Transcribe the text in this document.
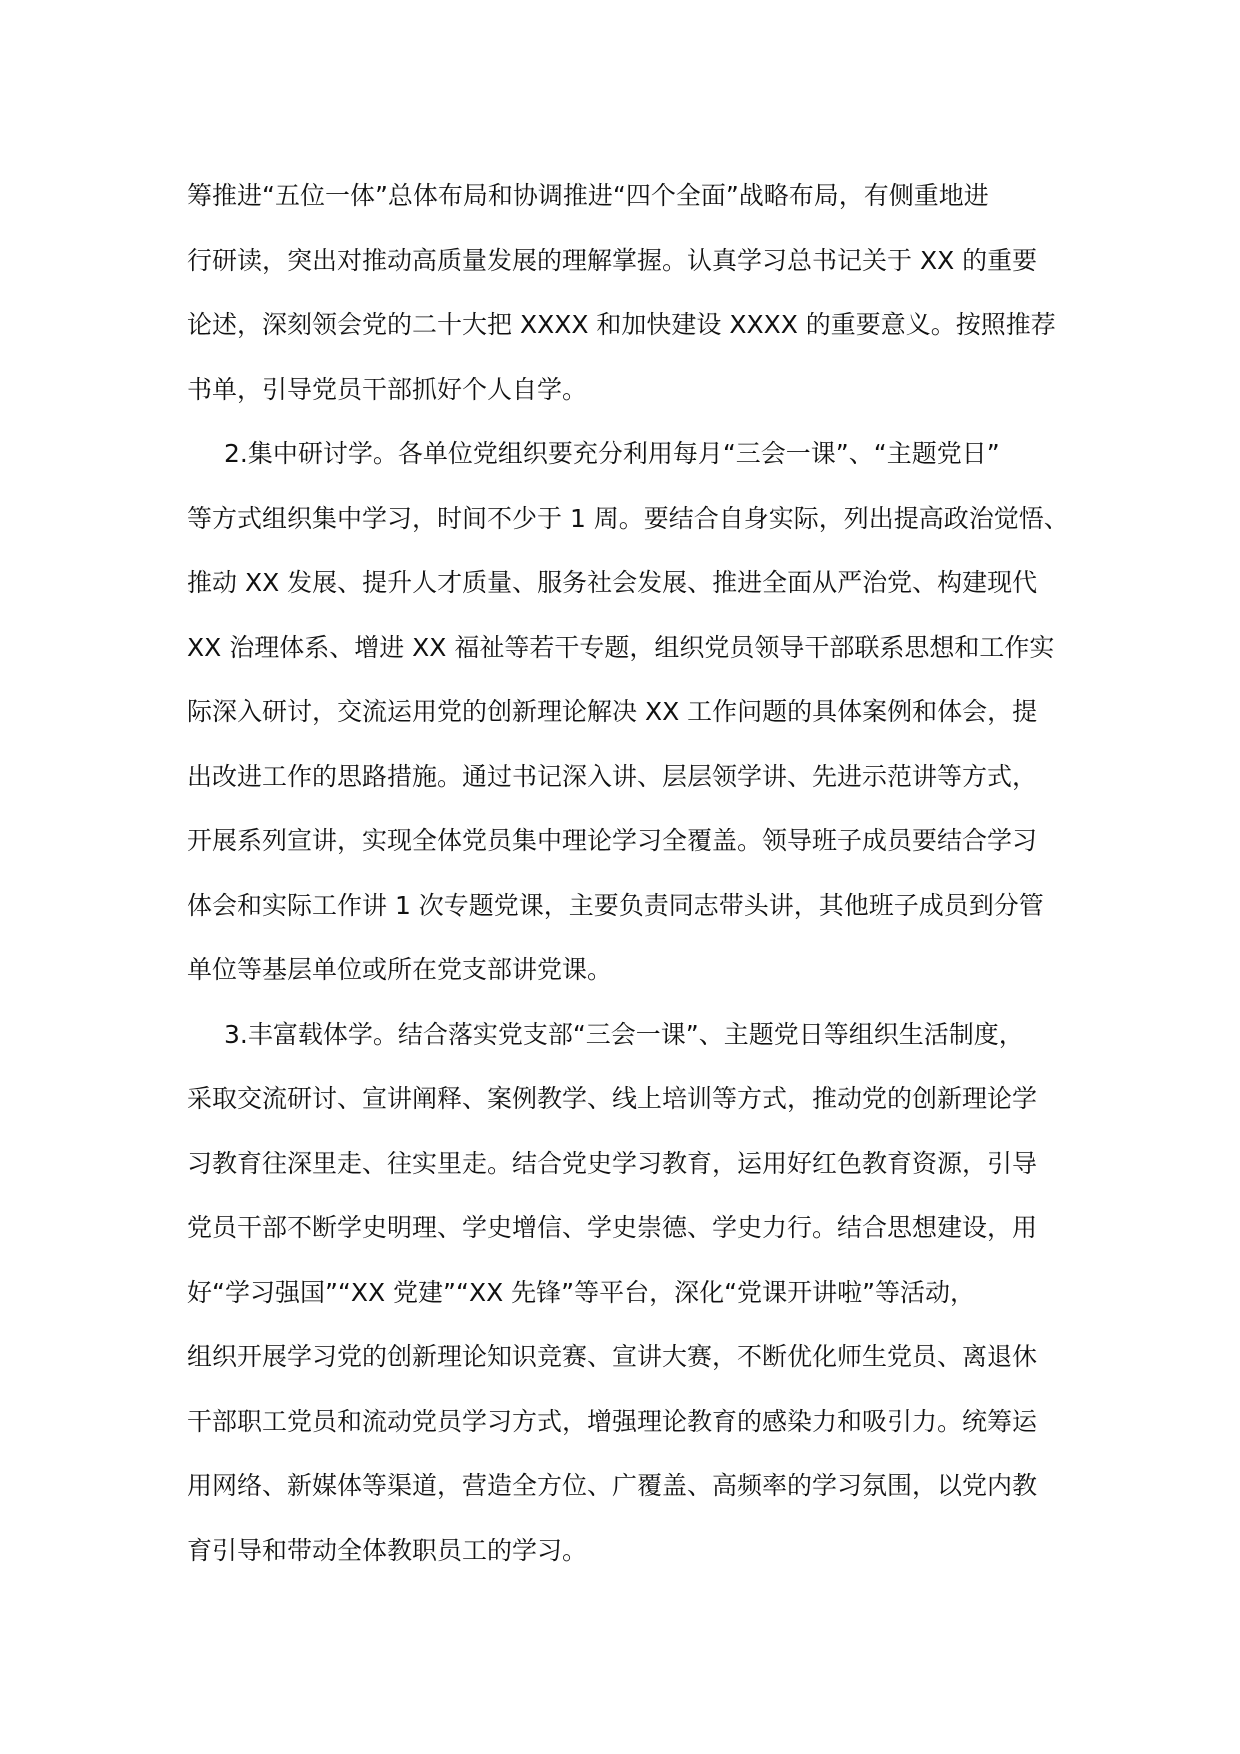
筹推进“五位一体”总体布局和协调推进“四个全面”战略布局，有侧重地进
行研读，突出对推动高质量发展的理解掌握。认真学习总书记关于 XX 的重要
论述，深刻领会党的二十大把 XXXX 和加快建设 XXXX 的重要意义。按照推荐
书单，引导党员干部抓好个人自学。
2.集中研讨学。各单位党组织要充分利用每月“三会一课”、“主题党日”
等方式组织集中学习，时间不少于 1 周。要结合自身实际，列出提高政治觉悟、
推动 XX 发展、提升人才质量、服务社会发展、推进全面从严治党、构建现代
XX 治理体系、增进 XX 福祉等若干专题，组织党员领导干部联系思想和工作实
际深入研讨，交流运用党的创新理论解决 XX 工作问题的具体案例和体会，提
出改进工作的思路措施。通过书记深入讲、层层领学讲、先进示范讲等方式，
开展系列宣讲，实现全体党员集中理论学习全覆盖。领导班子成员要结合学习
体会和实际工作讲 1 次专题党课，主要负责同志带头讲，其他班子成员到分管
单位等基层单位或所在党支部讲党课。
3.丰富载体学。结合落实党支部“三会一课”、主题党日等组织生活制度，
采取交流研讨、宣讲阐释、案例教学、线上培训等方式，推动党的创新理论学
习教育往深里走、往实里走。结合党史学习教育，运用好红色教育资源，引导
党员干部不断学史明理、学史增信、学史崇德、学史力行。结合思想建设，用
好“学习强国”“XX 党建”“XX 先锋”等平台，深化“党课开讲啦”等活动，
组织开展学习党的创新理论知识竞赛、宣讲大赛，不断优化师生党员、离退休
干部职工党员和流动党员学习方式，增强理论教育的感染力和吸引力。统筹运
用网络、新媒体等渠道，营造全方位、广覆盖、高频率的学习氛围，以党内教
育引导和带动全体教职员工的学习。
